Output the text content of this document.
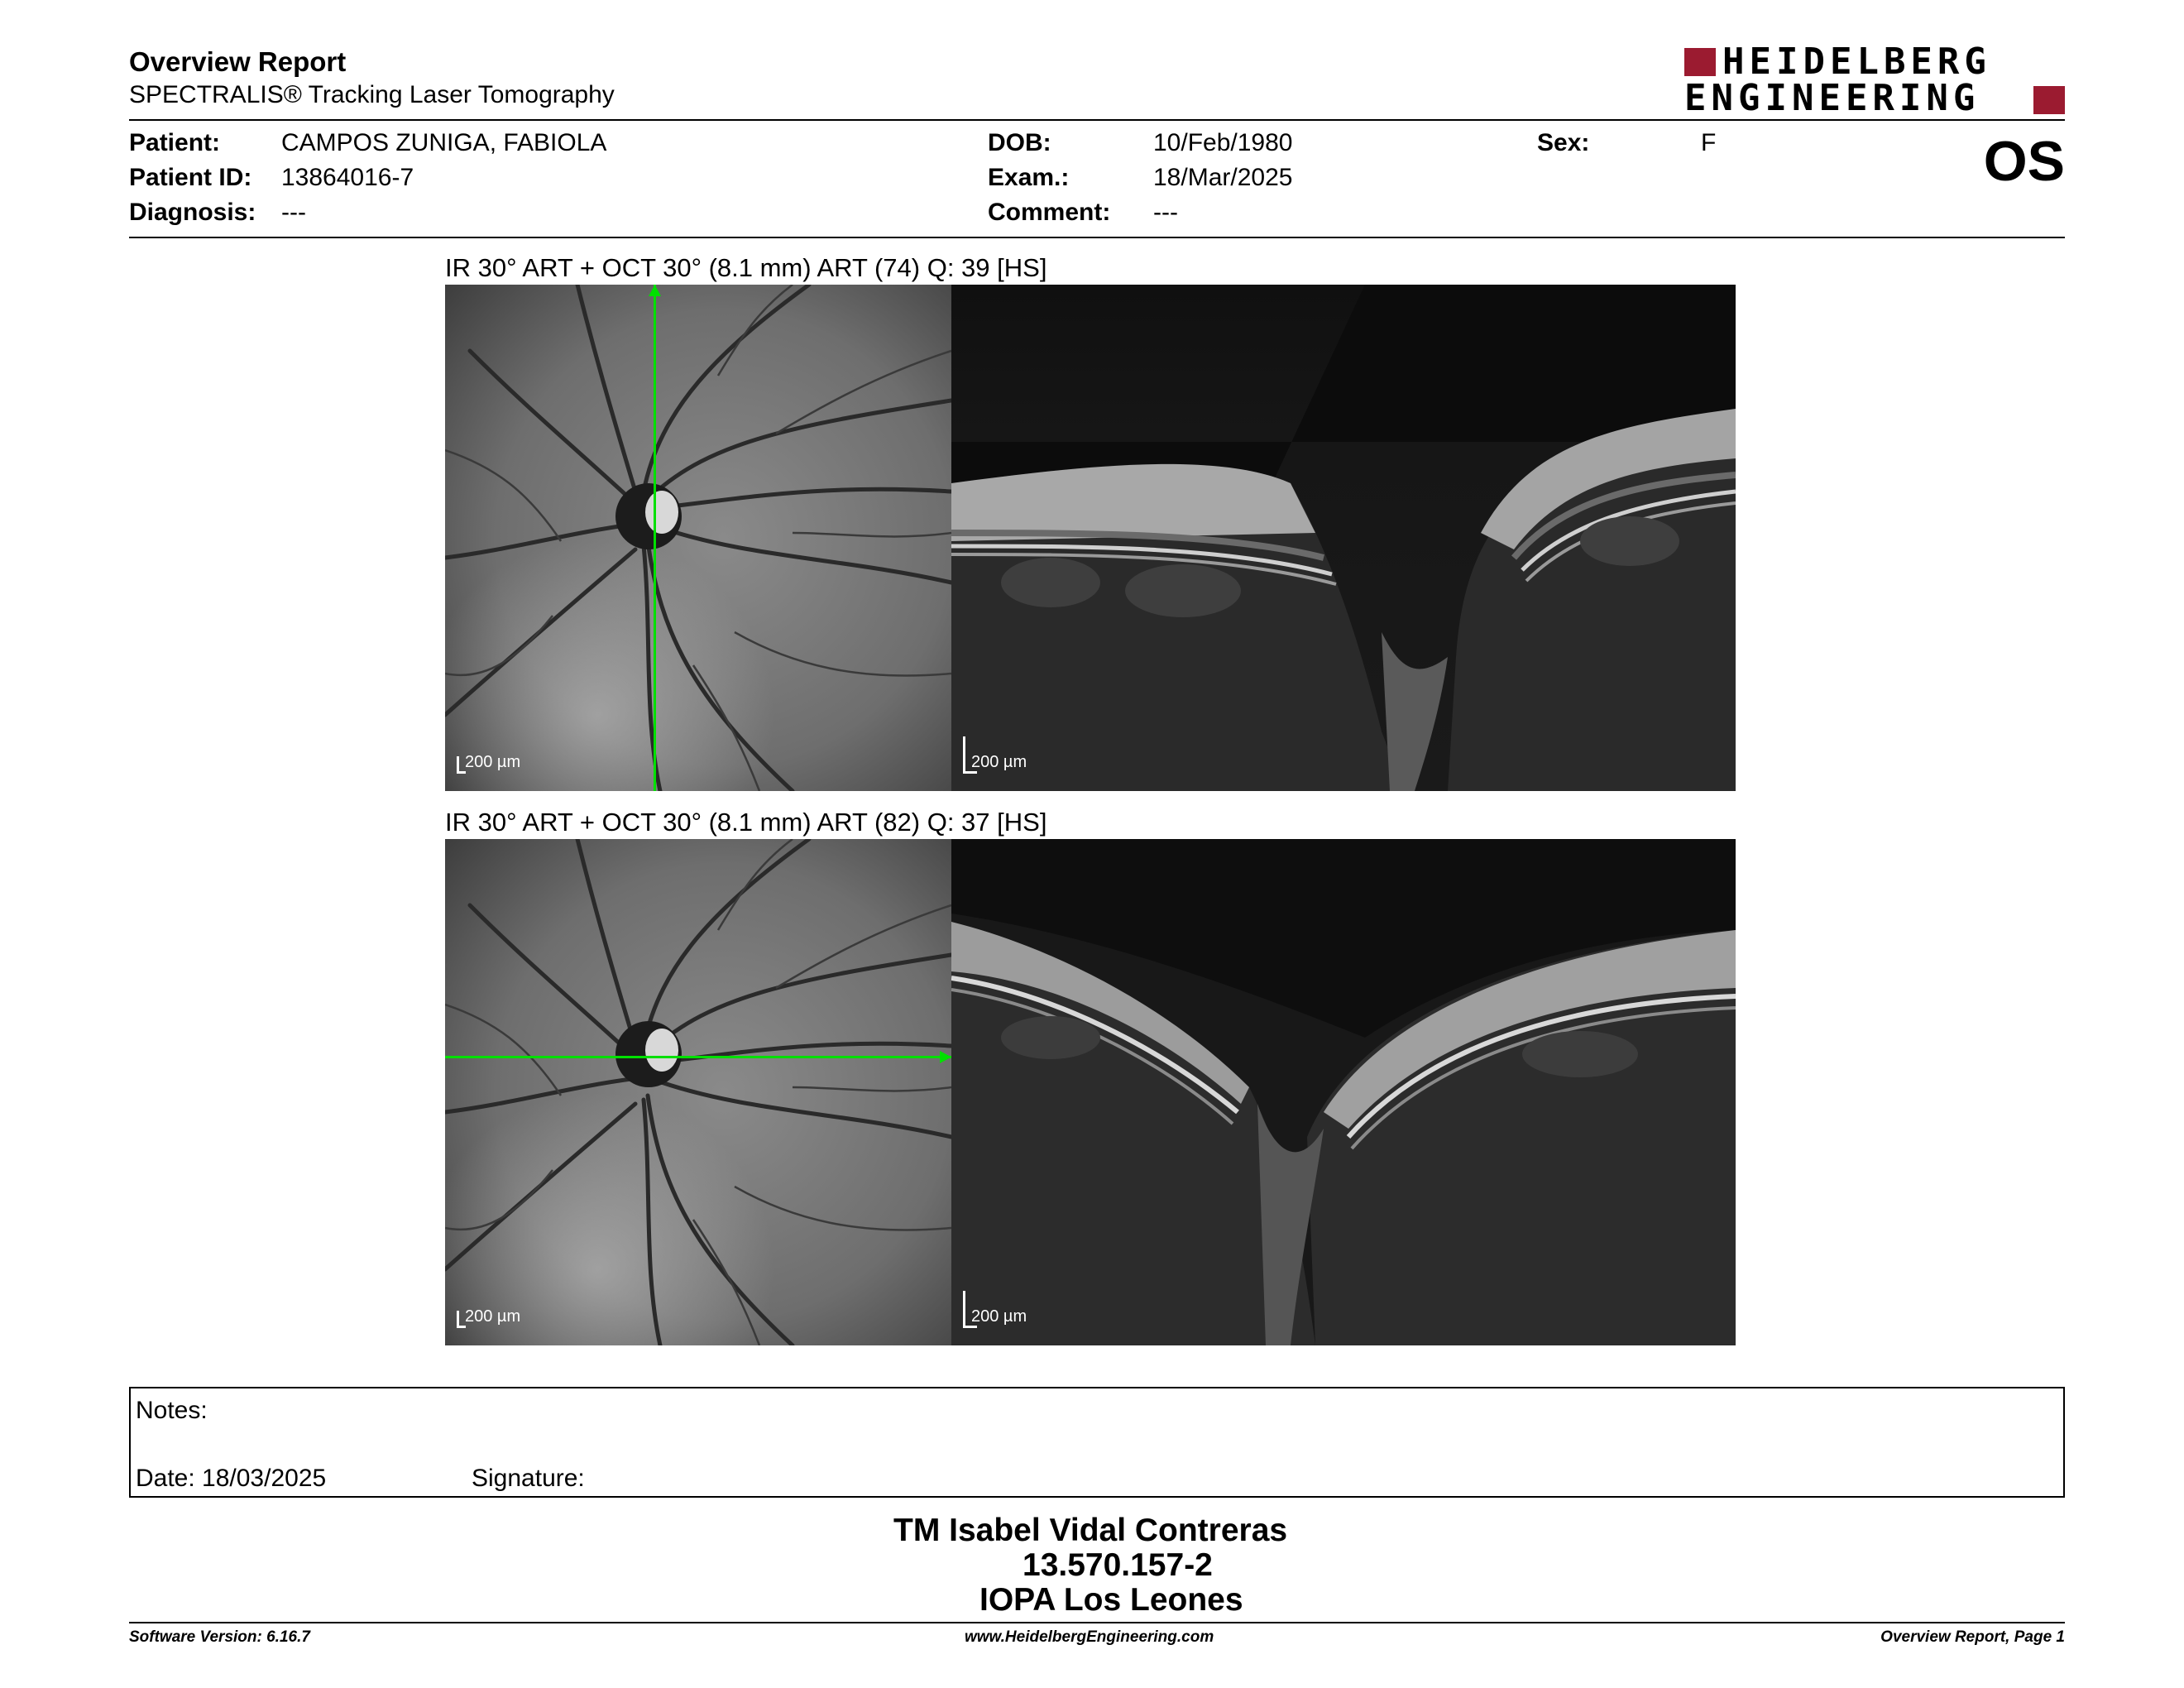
Overview Report
SPECTRALIS® Tracking Laser Tomography
HEIDELBERG
ENGINEERING
Patient: CAMPOS ZUNIGA, FABIOLA
Patient ID: 13864016-7
Diagnosis: ---
DOB:	10/Feb/1980
Exam.:	18/Mar/2025
Comment: ---
Sex:	F	OS
IR 30° ART + OCT 30° (8.1 mm) ART (74) Q: 39 [HS]
200 µm	200 µm
IR 30° ART + OCT 30° (8.1 mm) ART (82) Q: 37 [HS]
200 µm	200 µm
Notes:
Date: 18/03/2025	Signature:
TM Isabel Vidal Contreras
13.570.157-2
IOPA Los Leones
Software Version: 6.16.7	www.HeidelbergEngineering.com	Overview Report, Page 1
